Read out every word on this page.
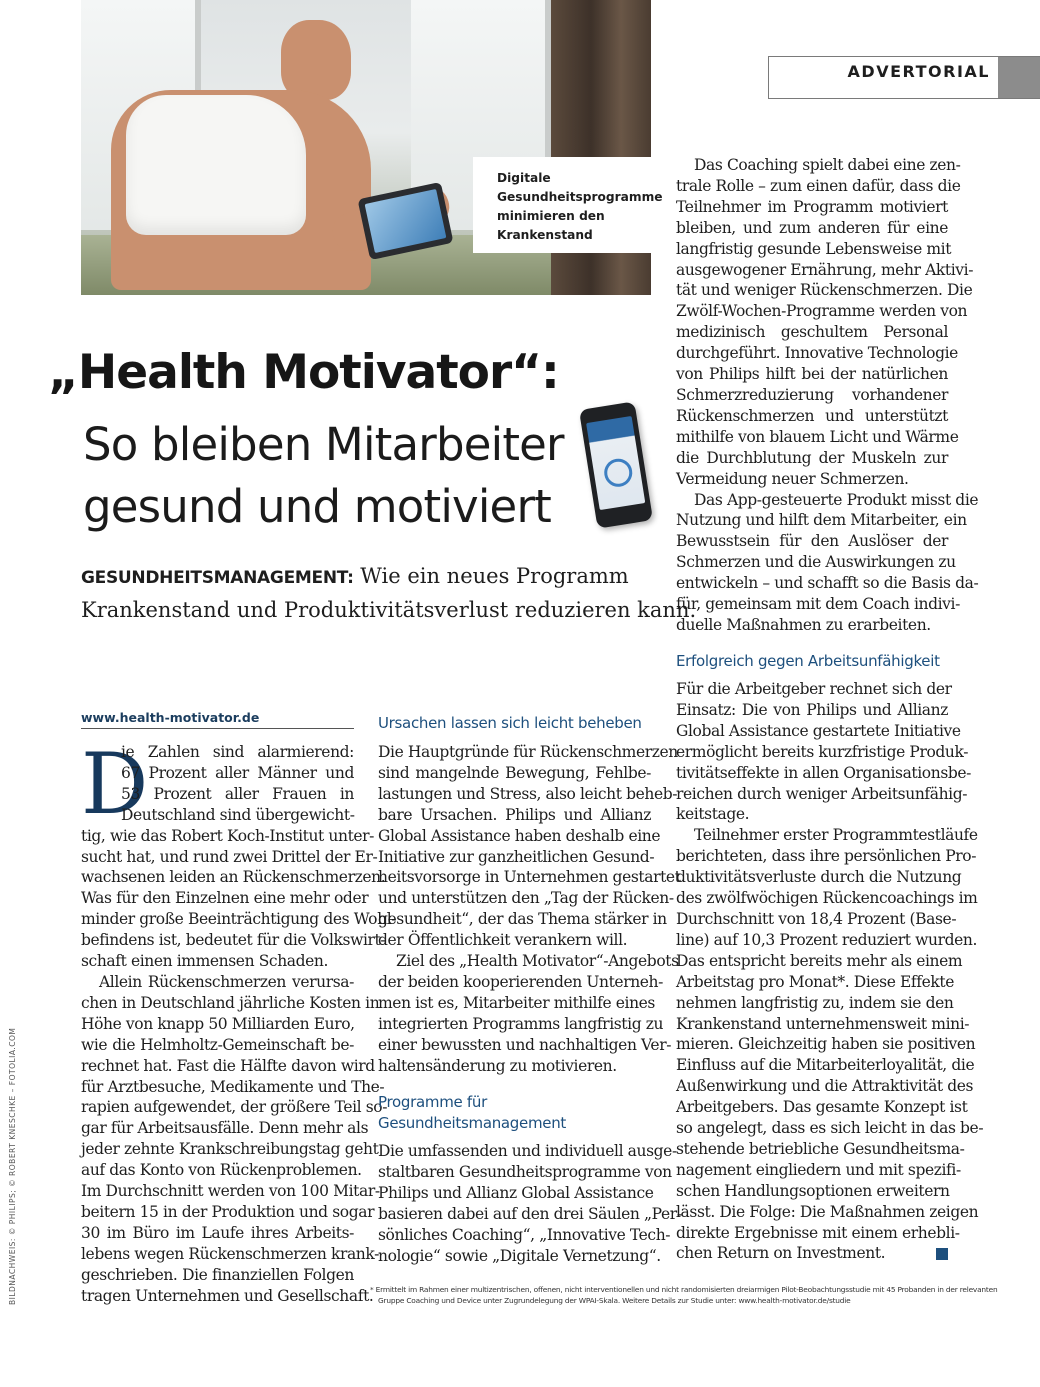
Digitale
Gesundheitsprogramme
minimieren den
Krankenstand
ADVERTORIAL
„Health Motivator“:
So bleiben Mitarbeiter
gesund und motiviert
GESUNDHEITSMANAGEMENT: Wie ein neues Programm
Krankenstand und Produktivitätsverlust reduzieren kann.
www.health-motivator.de
D
ie Zahlen sind alarmierend:
67 Prozent aller Männer und
53 Prozent aller Frauen in
Deutschland sind übergewicht-
tig, wie das Robert Koch-Institut unter-
sucht hat, und rund zwei Drittel der Er-
wachsenen leiden an Rückenschmerzen.
Was für den Einzelnen eine mehr oder
minder große Beeinträchtigung des Wohl-
befindens ist, bedeutet für die Volkswirt-
schaft einen immensen Schaden.
Allein Rückenschmerzen verursa-
chen in Deutschland jährliche Kosten in
Höhe von knapp 50 Milliarden Euro,
wie die Helmholtz-Gemeinschaft be-
rechnet hat. Fast die Hälfte davon wird
für Arztbesuche, Medikamente und The-
rapien aufgewendet, der größere Teil so-
gar für Arbeitsausfälle. Denn mehr als
jeder zehnte Krankschreibungstag geht
auf das Konto von Rückenproblemen.
Im Durchschnitt werden von 100 Mitar-
beitern 15 in der Produktion und sogar
30 im Büro im Laufe ihres Arbeits-
lebens wegen Rückenschmerzen krank-
geschrieben. Die finanziellen Folgen
tragen Unternehmen und Gesellschaft.
Ursachen lassen sich leicht beheben
Die Hauptgründe für Rückenschmerzen
sind mangelnde Bewegung, Fehlbe-
lastungen und Stress, also leicht beheb-
bare Ursachen. Philips und Allianz
Global Assistance haben deshalb eine
Initiative zur ganzheitlichen Gesund-
heitsvorsorge in Unternehmen gestartet
und unterstützen den „Tag der Rücken-
gesundheit“, der das Thema stärker in
der Öffentlichkeit verankern will.
Ziel des „Health Motivator“-Angebots
der beiden kooperierenden Unterneh-
men ist es, Mitarbeiter mithilfe eines
integrierten Programms langfristig zu
einer bewussten und nachhaltigen Ver-
haltensänderung zu motivieren.
Programme für
Gesundheitsmanagement
Die umfassenden und individuell ausge-
staltbaren Gesundheitsprogramme von
Philips und Allianz Global Assistance
basieren dabei auf den drei Säulen „Per-
sönliches Coaching“, „Innovative Tech-
nologie“ sowie „Digitale Vernetzung“.
Das Coaching spielt dabei eine zen-
trale Rolle – zum einen dafür, dass die
Teilnehmer im Programm motiviert
bleiben, und zum anderen für eine
langfristig gesunde Lebensweise mit
ausgewogener Ernährung, mehr Aktivi-
tät und weniger Rückenschmerzen. Die
Zwölf-Wochen-Programme werden von
medizinisch geschultem Personal
durchgeführt. Innovative Technologie
von Philips hilft bei der natürlichen
Schmerzreduzierung vorhandener
Rückenschmerzen und unterstützt
mithilfe von blauem Licht und Wärme
die Durchblutung der Muskeln zur
Vermeidung neuer Schmerzen.
Das App-gesteuerte Produkt misst die
Nutzung und hilft dem Mitarbeiter, ein
Bewusstsein für den Auslöser der
Schmerzen und die Auswirkungen zu
entwickeln – und schafft so die Basis da-
für, gemeinsam mit dem Coach indivi-
duelle Maßnahmen zu erarbeiten.
Erfolgreich gegen Arbeitsunfähigkeit
Für die Arbeitgeber rechnet sich der
Einsatz: Die von Philips und Allianz
Global Assistance gestartete Initiative
ermöglicht bereits kurzfristige Produk-
tivitätseffekte in allen Organisationsbe-
reichen durch weniger Arbeitsunfähig-
keitstage.
Teilnehmer erster Programmtestläufe
berichteten, dass ihre persönlichen Pro-
duktivitätsverluste durch die Nutzung
des zwölfwöchigen Rückencoachings im
Durchschnitt von 18,4 Prozent (Base-
line) auf 10,3 Prozent reduziert wurden.
Das entspricht bereits mehr als einem
Arbeitstag pro Monat*. Diese Effekte
nehmen langfristig zu, indem sie den
Krankenstand unternehmensweit mini-
mieren. Gleichzeitig haben sie positiven
Einfluss auf die Mitarbeiterloyalität, die
Außenwirkung und die Attraktivität des
Arbeitgebers. Das gesamte Konzept ist
so angelegt, dass es sich leicht in das be-
stehende betriebliche Gesundheitsma-
nagement eingliedern und mit spezifi-
schen Handlungsoptionen erweitern
lässt. Die Folge: Die Maßnahmen zeigen
direkte Ergebnisse mit einem erhebli-
chen Return on Investment.
* Ermittelt im Rahmen einer multizentrischen, offenen, nicht interventionellen und nicht randomisierten dreiarmigen Pilot-Beobachtungsstudie mit 45 Probanden in der relevanten
Gruppe Coaching und Device unter Zugrundelegung der WPAI-Skala. Weitere Details zur Studie unter: www.health-motivator.de/studie
BILDNACHWEIS: © PHILIPS; © ROBERT KNESCHKE – FOTOLIA.COM
